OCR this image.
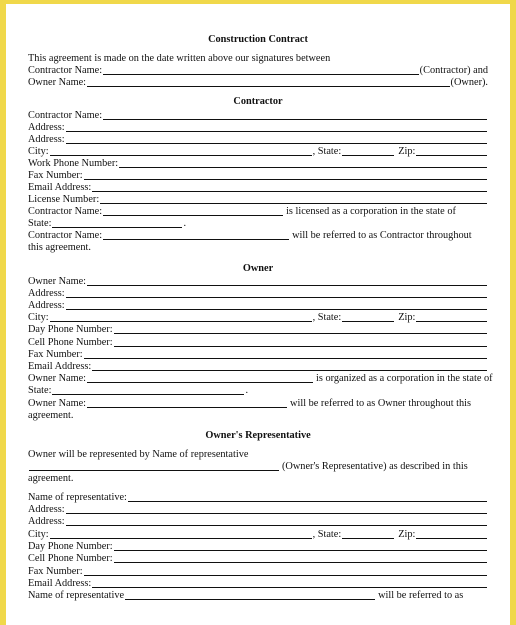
Construction Contract
This agreement is made on the date written above our signatures between
Contractor Name:	(Contractor) and
Owner Name:	(Owner).
Contractor
Contractor Name:
Address:
Address:
City:	, State:	Zip:
Work Phone Number:
Fax Number:
Email Address:
License Number:
Contractor Name:	is licensed as a corporation in the state of
State:	.
Contractor Name:	will be referred to as Contractor throughout
this agreement.
Owner
Owner Name:
Address:
Address:
City:	, State:	Zip:
Day Phone Number:
Cell Phone Number:
Fax Number:
Email Address:
Owner Name:	is organized as a corporation in the state of
State:	.
Owner Name:	will be referred to as Owner throughout this
agreement.
Owner's Representative
Owner will be represented by Name of representative
(Owner's Representative) as described in this
agreement.
Name of representative:
Address:
Address:
City:	, State:	Zip:
Day Phone Number:
Cell Phone Number:
Fax Number:
Email Address:
Name of representative	will be referred to as
